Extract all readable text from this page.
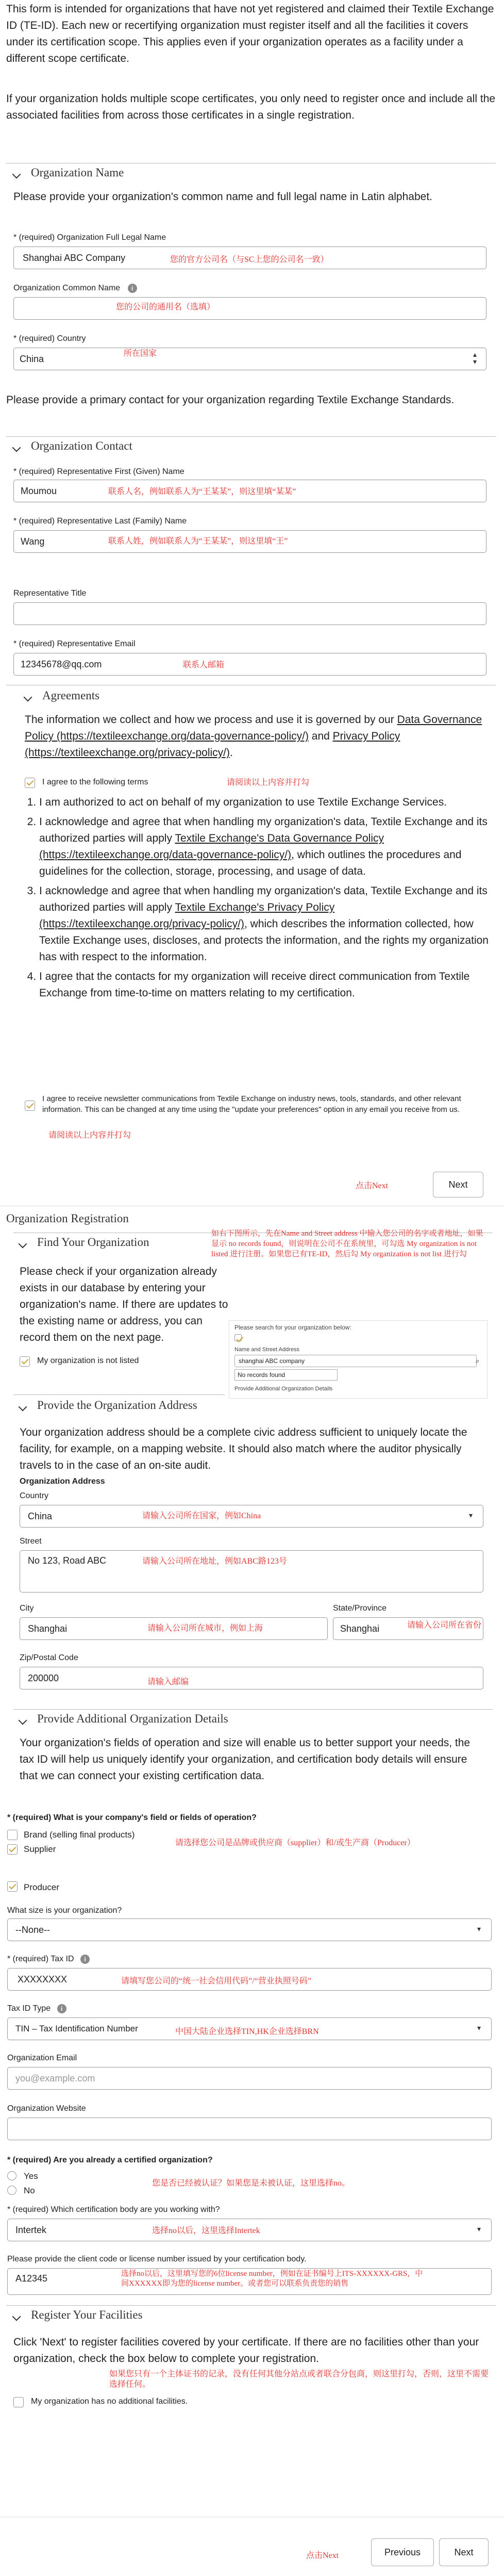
This form is intended for organizations that have not yet registered and claimed their Textile Exchange ID (TE-ID). Each new or recertifying organization must register itself and all the facilities it covers under its certification scope. This applies even if your organization operates as a facility under a different scope certificate.
If your organization holds multiple scope certificates, you only need to register once and include all the associated facilities from across those certificates in a single registration.
Organization Name
Please provide your organization's common name and full legal name in Latin alphabet.
* (required) Organization Full Legal Name
Shanghai ABC Company	您的官方公司名（与SC上您的公司名一致）
Organization Common Name i
您的公司的通用名（选填）
* (required) Country
China
所在国家	▴
▾
Please provide a primary contact for your organization regarding Textile Exchange Standards.
Organization Contact
* (required) Representative First (Given) Name
Moumou	联系人名，例如联系人为“王某某”，则这里填“某某”
* (required) Representative Last (Family) Name
Wang	联系人姓，例如联系人为“王某某”，则这里填“王”
Representative Title
* (required) Representative Email
12345678@qq.com	联系人邮箱
Agreements
The information we collect and how we process and use it is governed by our Data Governance Policy (https://textileexchange.org/data-governance-policy/) and Privacy Policy (https://textileexchange.org/privacy-policy/).
I agree to the following terms	请阅读以上内容并打勾
1. I am authorized to act on behalf of my organization to use Textile Exchange Services.
2. I acknowledge and agree that when handling my organization's data, Textile Exchange and its authorized parties will apply Textile Exchange's Data Governance Policy (https://textileexchange.org/data-governance-policy/), which outlines the procedures and guidelines for the collection, storage, processing, and usage of data.
3. I acknowledge and agree that when handling my organization's data, Textile Exchange and its authorized parties will apply Textile Exchange's Privacy Policy (https://textileexchange.org/privacy-policy/), which describes the information collected, how Textile Exchange uses, discloses, and protects the information, and the rights my organization has with respect to the information.
4. I agree that the contacts for my organization will receive direct communication from Textile Exchange from time-to-time on matters relating to my certification.
I agree to receive newsletter communications from Textile Exchange on industry news, tools, standards, and other relevant information. This can be changed at any time using the "update your preferences" option in any email you receive from us.
请阅读以上内容并打勾
点击Next	Next
Organization Registration
Find Your Organization
如右下图所示，先在Name and Street address 中输入您公司的名字或者地址，如果显示 no records found，则说明在公司不在系统里，可勾选 My organization is not listed 进行注册。如果您已有TE-ID，然后勾 My organization is not list 进行勾
Please check if your organization already exists in our database by entering your organization's name. If there are updates to the existing name or address, you can record them on the next page.
My organization is not listed
Please search for your organization below:
Name and Street Address
shanghai ABC company
No records found
Provide Additional Organization Details
⌕
Provide the Organization Address
Your organization address should be a complete civic address sufficient to uniquely locate the facility, for example, on a mapping website. It should also match where the auditor physically travels to in the case of an on-site audit.
Organization Address
Country
China	请输入公司所在国家，例如China	▾
Street
No 123, Road ABC	请输入公司所在地址，例如ABC路123号
City
Shanghai	请输入公司所在城市，例如上海
State/Province
Shanghai	请输入公司所在省份
Zip/Postal Code
200000	请输入邮编
Provide Additional Organization Details
Your organization's fields of operation and size will enable us to better support your needs, the tax ID will help us uniquely identify your organization, and certification body details will ensure that we can connect your existing certification data.
* (required) What is your company's field or fields of operation?
Brand (selling final products)
Supplier
请选择您公司是品牌或供应商（supplier）和/或生产商（Producer）
Producer
What size is your organization?
--None--	▾
* (required) Tax ID i
XXXXXXXX	请填写您公司的“统一社会信用代码”/“营业执照号码”
Tax ID Type i
TIN – Tax Identification Number	中国大陆企业选择TIN,HK企业选择BRN	▾
Organization Email
you@example.com
Organization Website
* (required) Are you already a certified organization?
Yes
No
您是否已经被认证？如果您是未被认证，这里选择no。
* (required) Which certification body are you working with?
Intertek	选择no以后，这里选择Intertek	▾
Please provide the client code or license number issued by your certification body.
A12345	选择no以后，这里填写您的6位license number，例如在证书编号上ITS-XXXXXX-GRS，中间XXXXXX即为您的license number。或者您可以联系负责您的销售
Register Your Facilities
Click 'Next' to register facilities covered by your certificate. If there are no facilities other than your organization, check the box below to complete your registration.
如果您只有一个主体证书的记录，没有任何其他分站点或者联合分包商，则这里打勾，否则，这里不需要选择任何。
My organization has no additional facilities.
点击Next	Previous	Next
